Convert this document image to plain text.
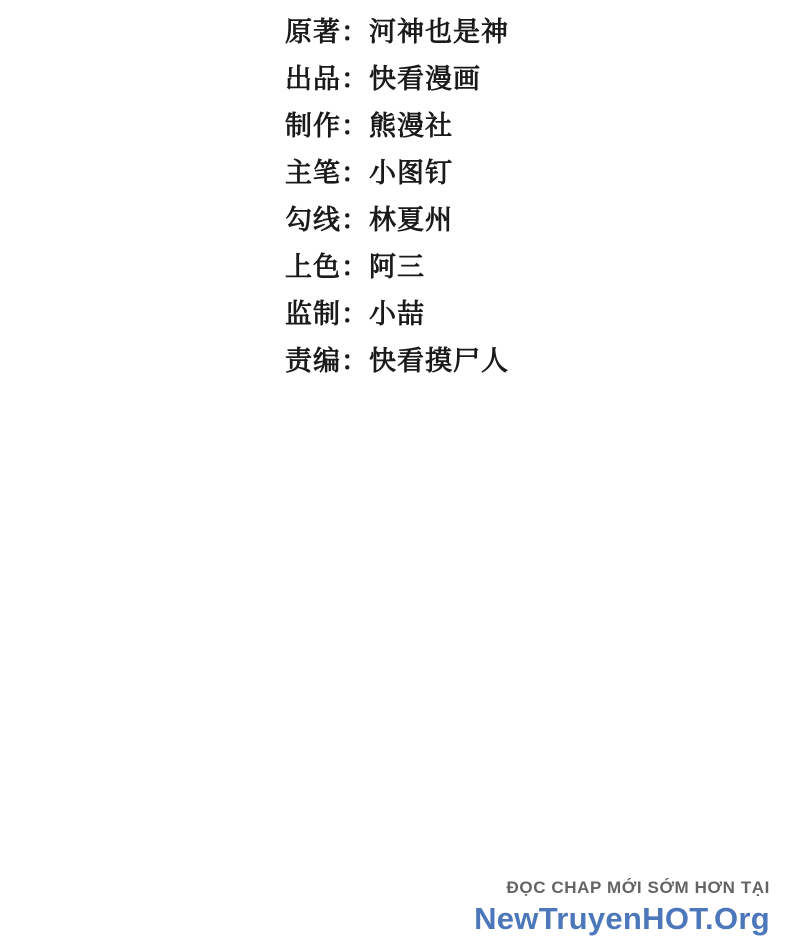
原著：河神也是神
出品：快看漫画
制作：熊漫社
主笔：小图钉
勾线：林夏州
上色：阿三
监制：小喆
责编：快看摸尸人
ĐỌC CHAP MỚI SỚM HƠN TẠI
NewTruyenHOT.Org
